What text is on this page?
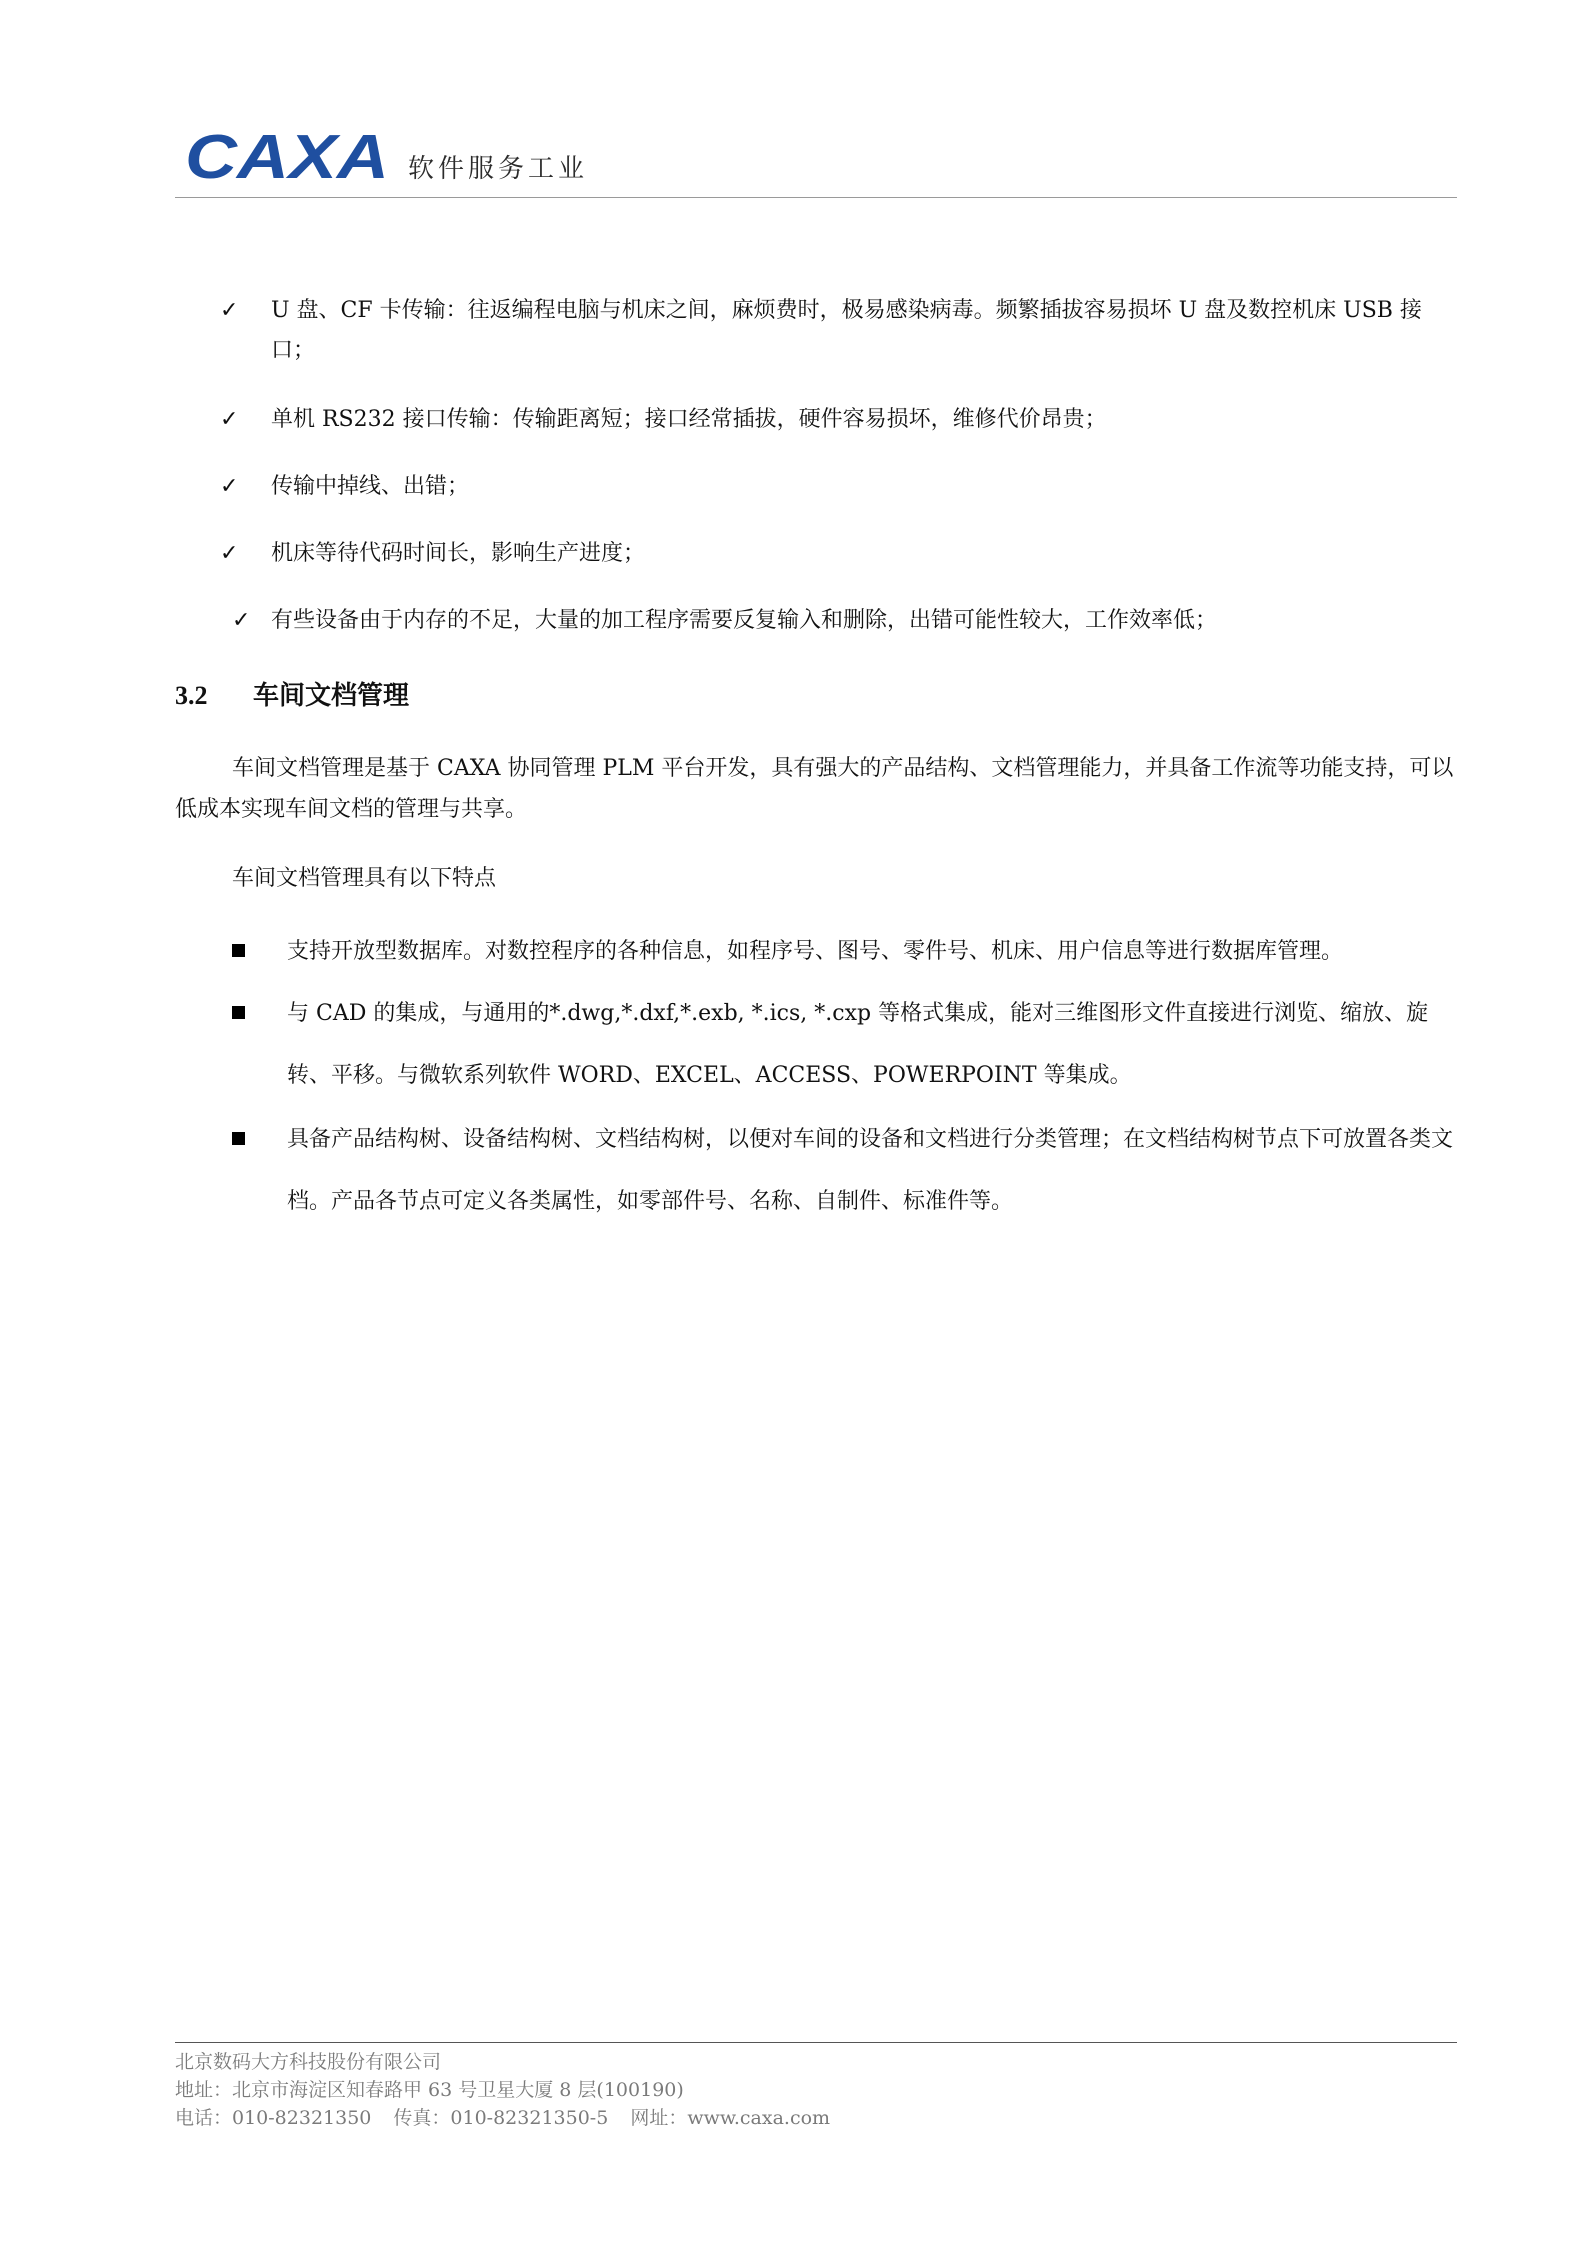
CAXA 软件服务工业
✓ U 盘、CF 卡传输：往返编程电脑与机床之间，麻烦费时，极易感染病毒。频繁插拔容易损坏 U 盘及数控机床 USB 接口；
✓ 单机 RS232 接口传输：传输距离短；接口经常插拔，硬件容易损坏，维修代价昂贵；
✓ 传输中掉线、出错；
✓ 机床等待代码时间长，影响生产进度；
✓ 有些设备由于内存的不足，大量的加工程序需要反复输入和删除，出错可能性较大，工作效率低；
3.2 车间文档管理
车间文档管理是基于 CAXA 协同管理 PLM 平台开发，具有强大的产品结构、文档管理能力，并具备工作流等功能支持，可以低成本实现车间文档的管理与共享。
车间文档管理具有以下特点
支持开放型数据库。对数控程序的各种信息，如程序号、图号、零件号、机床、用户信息等进行数据库管理。
与 CAD 的集成，与通用的*.dwg,*.dxf,*.exb, *.ics, *.cxp 等格式集成，能对三维图形文件直接进行浏览、缩放、旋转、平移。与微软系列软件 WORD、EXCEL、ACCESS、POWERPOINT 等集成。
具备产品结构树、设备结构树、文档结构树，以便对车间的设备和文档进行分类管理；在文档结构树节点下可放置各类文档。产品各节点可定义各类属性，如零部件号、名称、自制件、标准件等。
北京数码大方科技股份有限公司
地址：北京市海淀区知春路甲 63 号卫星大厦 8 层(100190)
电话：010-82321350 传真：010-82321350-5 网址：www.caxa.com
